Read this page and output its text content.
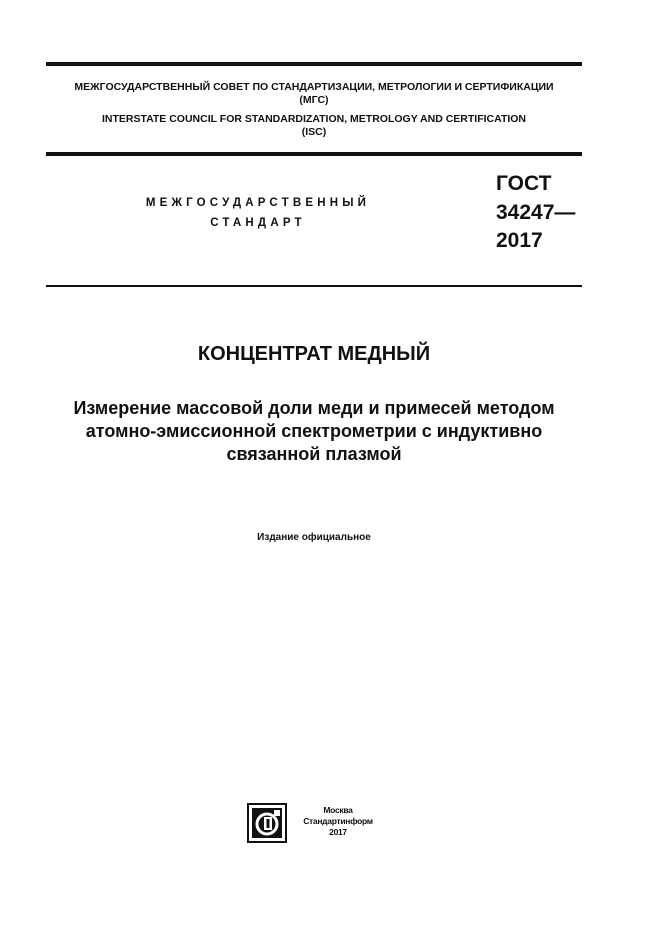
МЕЖГОСУДАРСТВЕННЫЙ СОВЕТ ПО СТАНДАРТИЗАЦИИ, МЕТРОЛОГИИ И СЕРТИФИКАЦИИ
(МГС)
INTERSTATE COUNCIL FOR STANDARDIZATION, METROLOGY AND CERTIFICATION
(ISC)
МЕЖГОСУДАРСТВЕННЫЙ
СТАНДАРТ
ГОСТ
34247—
2017
КОНЦЕНТРАТ МЕДНЫЙ
Измерение массовой доли меди и примесей методом
атомно-эмиссионной спектрометрии с индуктивно
связанной плазмой
Издание официальное
Москва
Стандартинформ
2017
